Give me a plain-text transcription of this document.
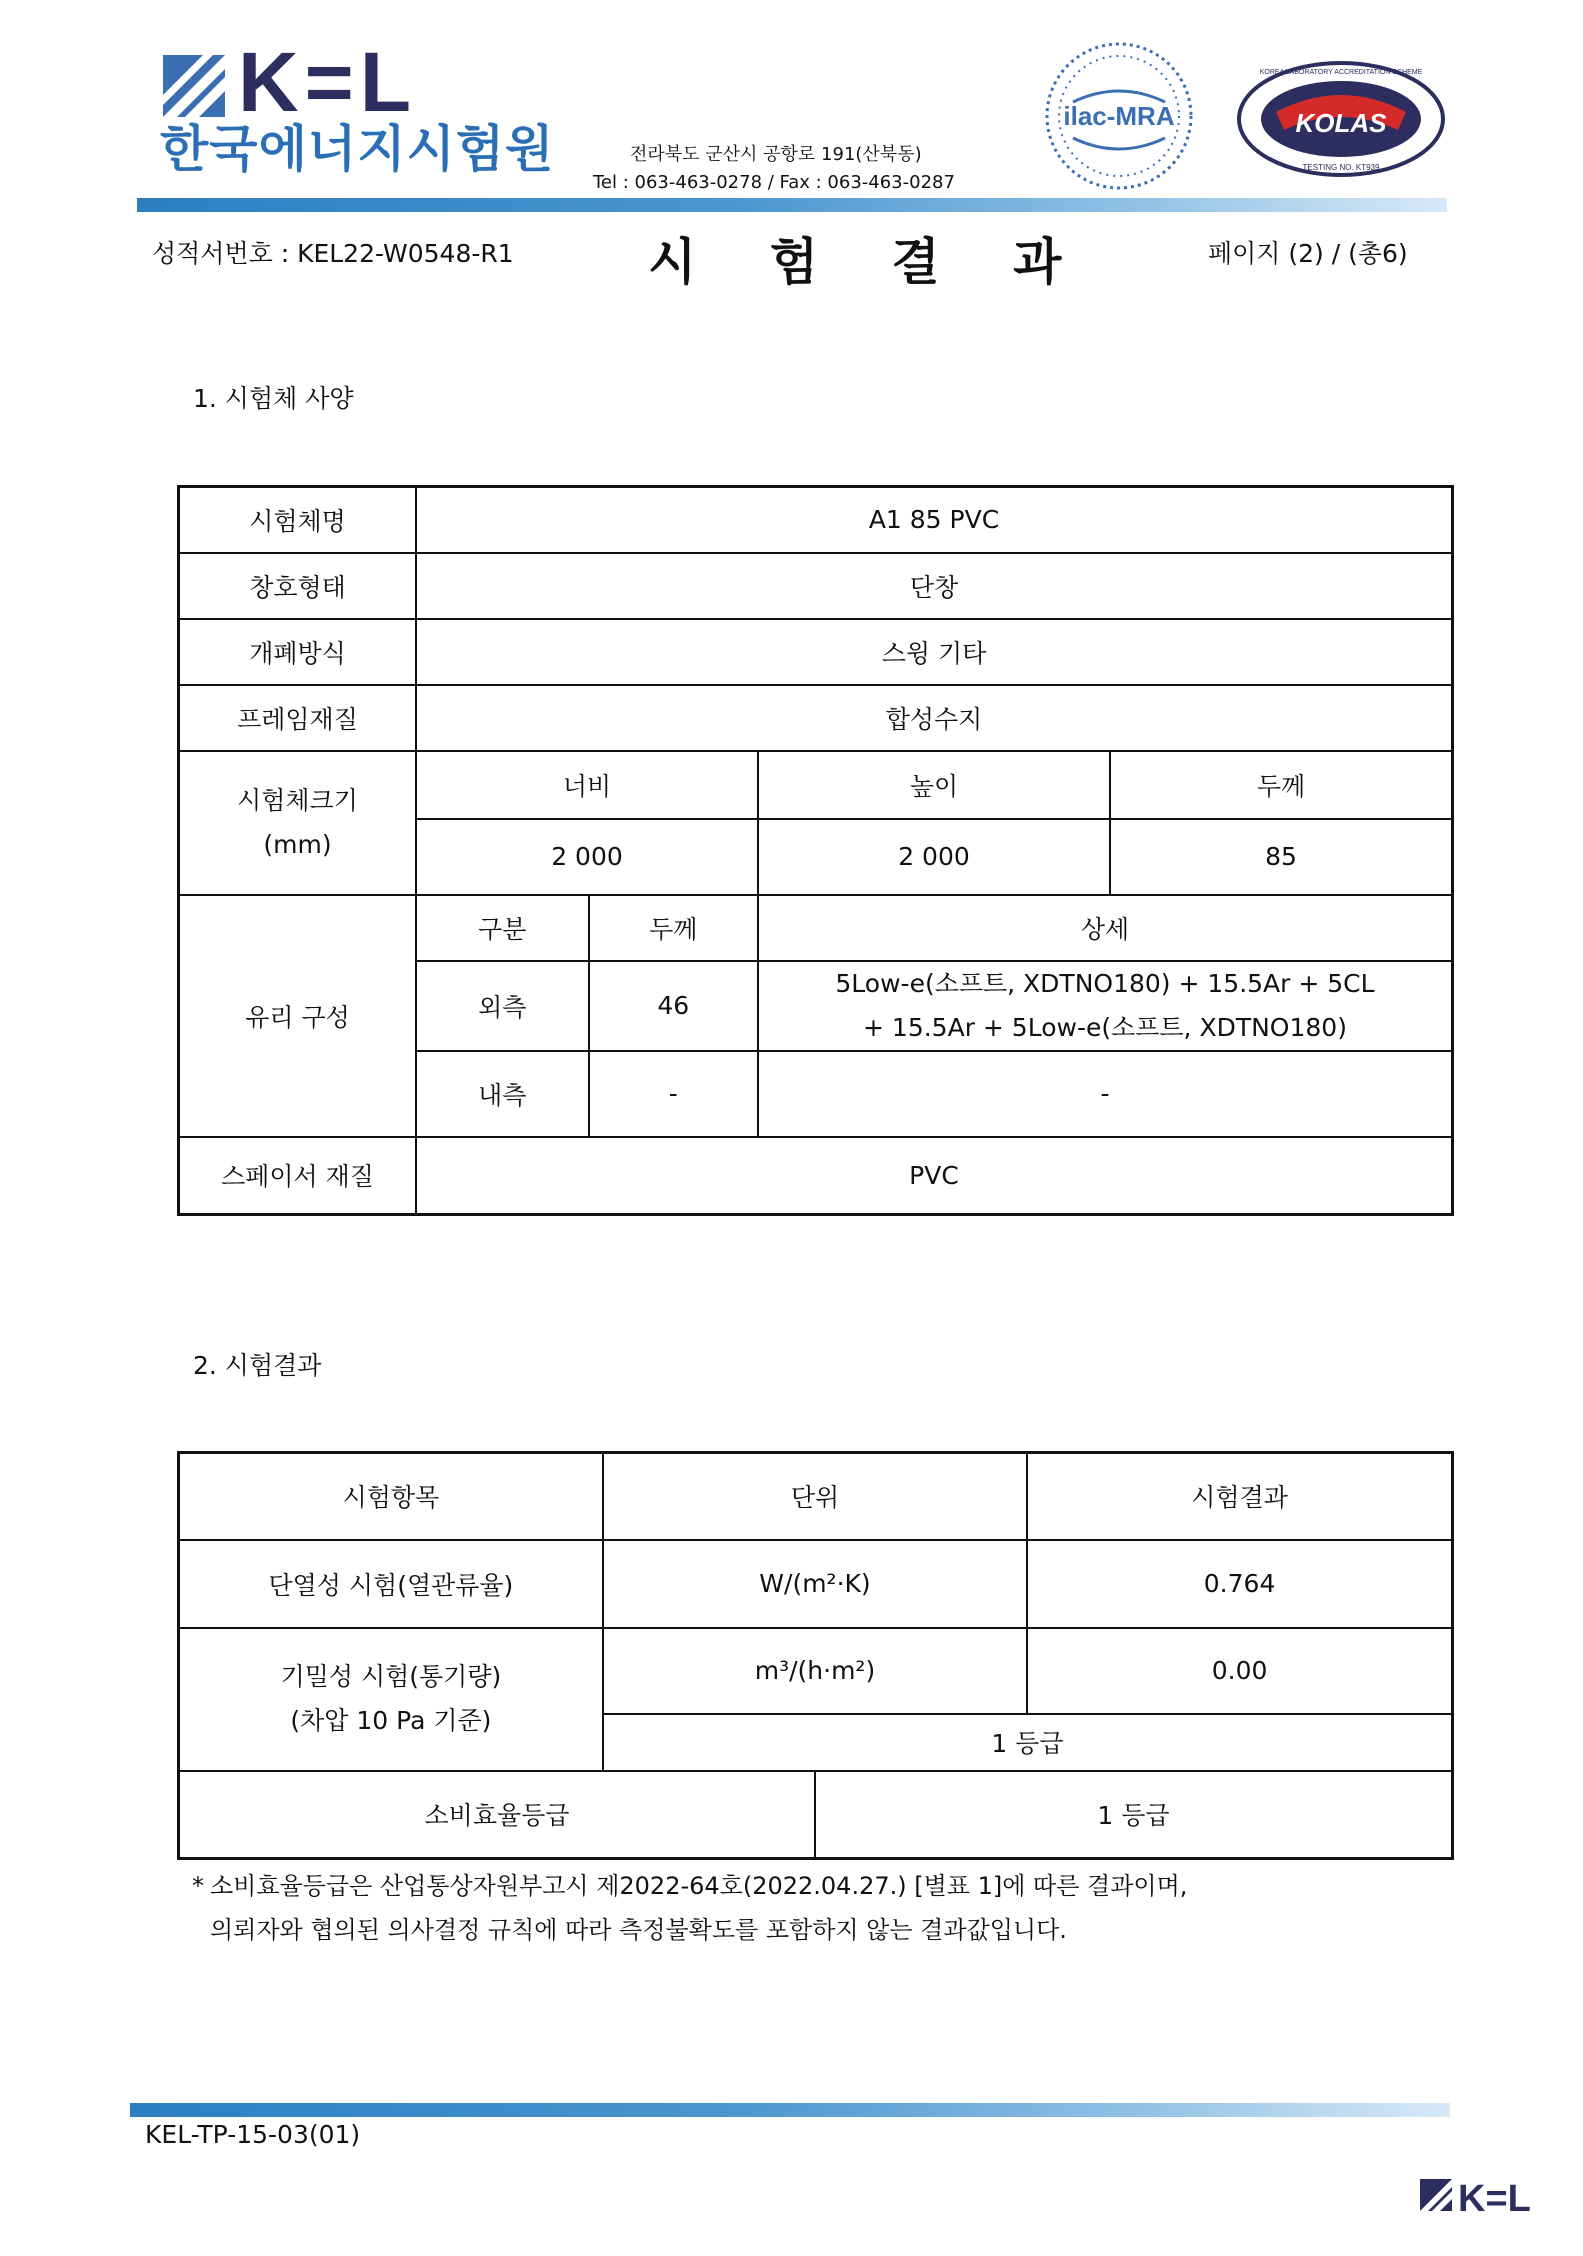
K=L
한국에너지시험원	전라북도 군산시 공항로 191(산북동)
Tel : 063-463-0278 / Fax : 063-463-0287
ilac-MRA	KOLAS
TESTING NO. KT939
KOREA LABORATORY ACCREDITATION SCHEME
성적서번호 : KEL22-W0548-R1	시 험 결 과	페이지 (2) / (총6)
1. 시험체 사양
시험체명	A1 85 PVC			
창호형태	단창			
개폐방식	스윙 기타			
프레임재질	합성수지			

시험체크기
(mm)	너비		높이	두께
	2 000		2 000	85
유리 구성	구분	두께	상세	
	외측	46	5Low-e(소프트, XDTNO180) + 15.5Ar + 5CL
+ 15.5Ar + 5Low-e(소프트, XDTNO180)	

	내측	-	-	
스페이서 재질	PVC			
2. 시험결과
시험항목	단위		시험결과
단열성 시험(열관류율)	W/(m²·K)		0.764

기밀성 시험(통기량)
(차압 10 Pa 기준)	m³/(h·m²)		0.00
	1 등급		
소비효율등급		1 등급	
* 소비효율등급은 산업통상자원부고시 제2022-64호(2022.04.27.) [별표 1]에 따른 결과이며,
의뢰자와 협의된 의사결정 규칙에 따라 측정불확도를 포함하지 않는 결과값입니다.
KEL-TP-15-03(01)
K=L
